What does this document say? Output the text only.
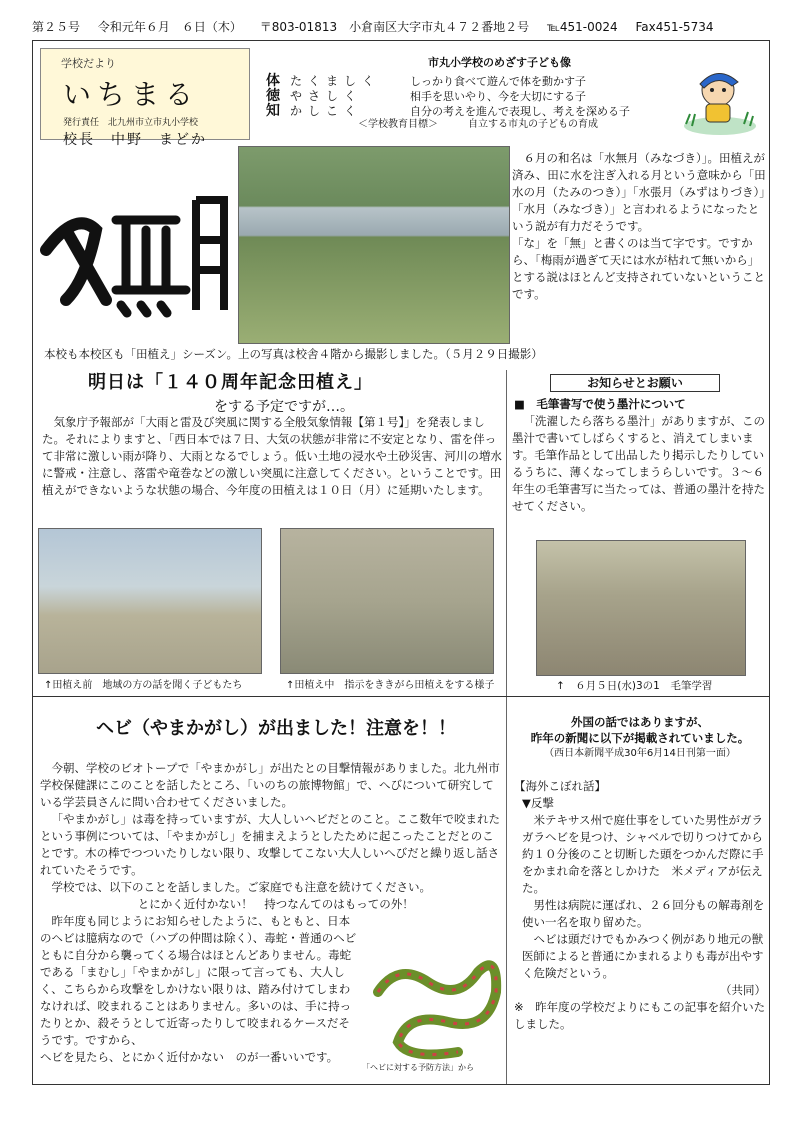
第２５号 令和元年６月　６日（木） 〒803-01813　小倉南区大字市丸４７２番地２号 ℡451-0024 Fax451-5734
学校だより
いちまる
発行責任　北九州市立市丸小学校
校長　中野　まどか
市丸小学校のめざす子ども像
体 たくましく	しっかり食べて遊んで体を動かす子
徳 やさしく	相手を思いやり、今を大切にする子
知 かしこく	自分の考えを進んで表現し、考えを深める子
＜学校教育目標＞　　　自立する市丸の子どもの育成
６月の和名は「水無月（みなづき）」。田植えが済み、田に水を注ぎ入れる月という意味から「田水の月（たみのつき）」「水張月（みずはりづき）」「水月（みなづき）」と言われるようになったという説が有力だそうです。
「な」を「無」と書くのは当て字です。ですから、「梅雨が過ぎて天には水が枯れて無いから」とする説はほとんど支持されていないということです。
本校も本校区も「田植え」シーズン。上の写真は校舎４階から撮影しました。（５月２９日撮影）
明日は「１４０周年記念田植え」
をする予定ですが…。
気象庁予報部が「大雨と雷及び突風に関する全般気象情報【第１号】」を発表しました。それによりますと、「西日本では７日、大気の状態が非常に不安定となり、雷を伴って非常に激しい雨が降り、大雨となるでしょう。低い土地の浸水や土砂災害、河川の増水に警戒・注意し、落雷や竜巻などの激しい突風に注意してください。ということです。田植えができないような状態の場合、今年度の田植えは１０日（月）に延期いたします。
↑田植え前　地域の方の話を聞く子どもたち	↑田植え中　指示をききがら田植えをする様子
お知らせとお願い
■　毛筆書写で使う墨汁について
「洗濯したら落ちる墨汁」がありますが、この墨汁で書いてしばらくすると、消えてしまいます。毛筆作品として出品したり掲示したりしているうちに、薄くなってしまうらしいです。３～６年生の毛筆書写に当たっては、普通の墨汁を持たせてください。
↑　６月５日(水)3の1　毛筆学習
ヘビ（やまかがし）が出ました！注意を！！

今朝、学校のビオトープで「やまかがし」が出たとの目撃情報がありました。北九州市学校保健課にこのことを話したところ、「いのちの旅博物館」で、へびについて研究している学芸員さんに問い合わせてくださいました。

「やまかがし」は毒を持っていますが、大人しいヘビだとのこと。ここ数年で咬まれたという事例については、「やまかがし」を捕まえようとしたために起こったことだとのことです。木の棒でつついたりしない限り、攻撃してこない大人しいへびだと繰り返し話されていたそうです。

学校では、以下のことを話しました。ご家庭でも注意を続けてください。

とにかく近付かない！　持つなんてのはもっての外！

昨年度も同じようにお知らせしたように、もともと、日本のヘビは臆病なので（ハブの仲間は除く）、毒蛇・普通のヘビともに自分から襲ってくる場合はほとんどありません。毒蛇である「まむし」「やまかがし」に限って言っても、大人しく、こちらから攻撃をしかけない限りは、踏み付けてしまわなければ、咬まれることはありません。多いのは、手に持ったりとか、殺そうとして近寄ったりして咬まれるケースだそうです。ですから、

ヘビを見たら、とにかく近付かない　のが一番いいです。

「ヘビに対する予防方法」から
外国の話ではありますが、
昨年の新聞に以下が掲載されていました。
（西日本新聞平成30年6月14日刊第一面）

【海外こぼれ話】

▼反撃

米テキサス州で庭仕事をしていた男性がガラガラヘビを見つけ、シャベルで切りつけてから約１０分後のこと切断した頭をつかんだ際に手をかまれ命を落としかけた　米メディアが伝えた。

男性は病院に運ばれ、２６回分もの解毒剤を使い一名を取り留めた。

ヘビは頭だけでもかみつく例があり地元の獣医師によると普通にかまれるよりも毒が出やすく危険だという。

（共同）

※　昨年度の学校だよりにもこの記事を紹介いたしました。
